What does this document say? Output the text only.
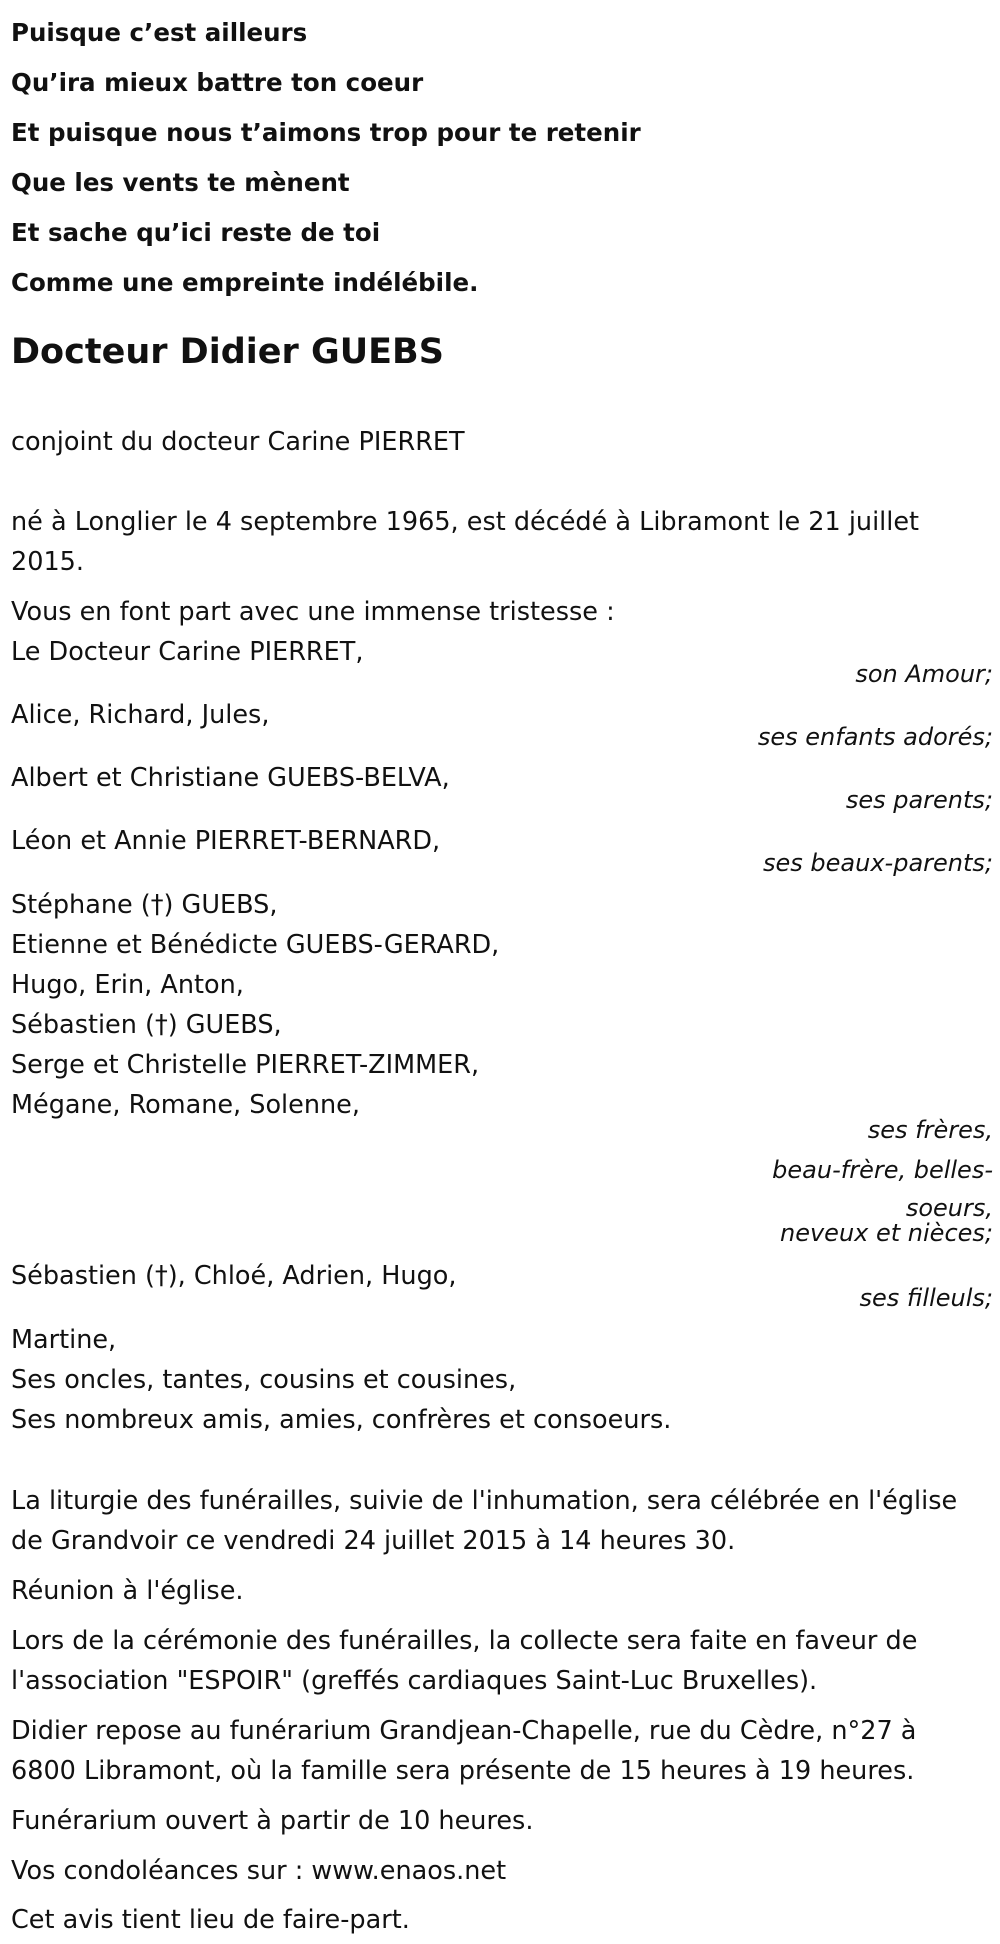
Puisque c’est ailleurs
Qu’ira mieux battre ton coeur
Et puisque nous t’aimons trop pour te retenir
Que les vents te mènent
Et sache qu’ici reste de toi
Comme une empreinte indélébile.
Docteur Didier GUEBS
conjoint du docteur Carine PIERRET
né à Longlier le 4 septembre 1965, est décédé à Libramont le 21 juillet
2015.
Vous en font part avec une immense tristesse :
Le Docteur Carine PIERRET,
son Amour;
Alice, Richard, Jules,
ses enfants adorés;
Albert et Christiane GUEBS-BELVA,
ses parents;
Léon et Annie PIERRET-BERNARD,
ses beaux-parents;
Stéphane (†) GUEBS,
Etienne et Bénédicte GUEBS-GERARD,
Hugo, Erin, Anton,
Sébastien (†) GUEBS,
Serge et Christelle PIERRET-ZIMMER,
Mégane, Romane, Solenne,
ses frères,
beau-frère, belles-
soeurs,
neveux et nièces;
Sébastien (†), Chloé, Adrien, Hugo,
ses filleuls;
Martine,
Ses oncles, tantes, cousins et cousines,
Ses nombreux amis, amies, confrères et consoeurs.
La liturgie des funérailles, suivie de l'inhumation, sera célébrée en l'église
de Grandvoir ce vendredi 24 juillet 2015 à 14 heures 30.
Réunion à l'église.
Lors de la cérémonie des funérailles, la collecte sera faite en faveur de
l'association "ESPOIR" (greffés cardiaques Saint-Luc Bruxelles).
Didier repose au funérarium Grandjean-Chapelle, rue du Cèdre, n°27 à
6800 Libramont, où la famille sera présente de 15 heures à 19 heures.
Funérarium ouvert à partir de 10 heures.
Vos condoléances sur : www.enaos.net
Cet avis tient lieu de faire-part.
